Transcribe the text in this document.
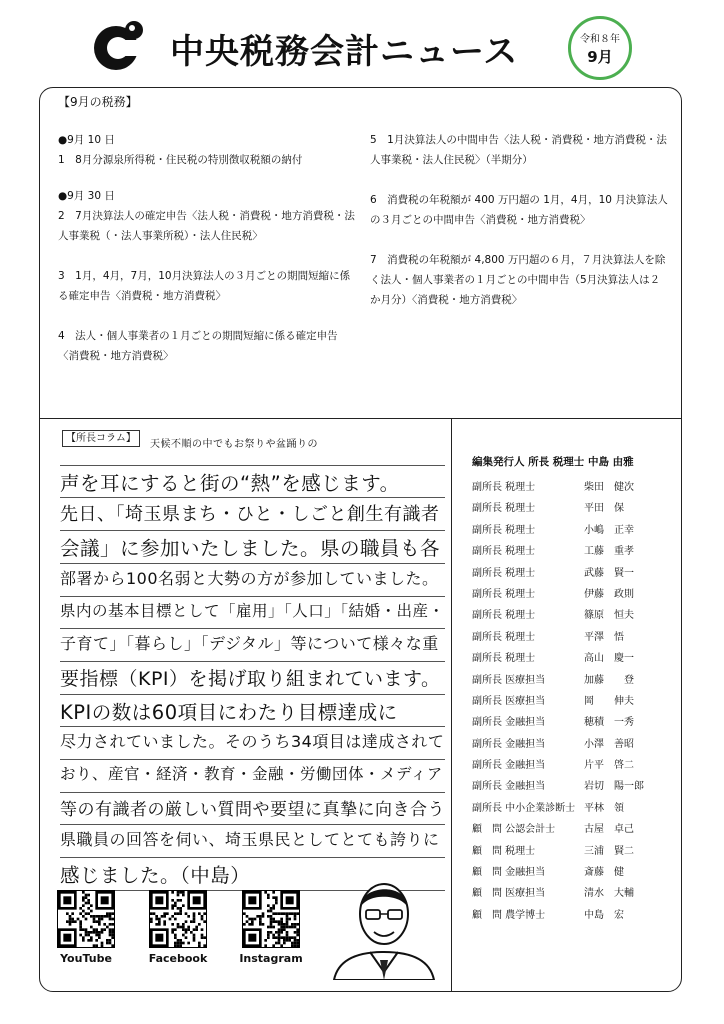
中央税務会計ニュース	令和８年
9月
【9月の税務】

●9月 10 日

1　8月分源泉所得税・住民税の特別徴収税額の納付

●9月 30 日

2　7月決算法人の確定申告〈法人税・消費税・地方消費税・法人事業税（・法人事業所税）・法人住民税〉

3　1月，4月，7月，10月決算法人の３月ごとの期間短縮に係る確定申告〈消費税・地方消費税〉

4　法人・個人事業者の１月ごとの期間短縮に係る確定申告〈消費税・地方消費税〉

5　1月決算法人の中間申告〈法人税・消費税・地方消費税・法人事業税・法人住民税〉（半期分）

6　消費税の年税額が 400 万円超の 1月，4月，10 月決算法人の３月ごとの中間申告〈消費税・地方消費税〉

7　消費税の年税額が 4,800 万円超の６月，７月決算法人を除く法人・個人事業者の１月ごとの中間申告（5月決算法人は２か月分）〈消費税・地方消費税〉

天候不順の中でもお祭りや盆踊りの
声を耳にすると街の“熱”を感じます。
先日、「埼玉県まち・ひと・しごと創生有識者
会議」に参加いたしました。県の職員も各
部署から100名弱と大勢の方が参加していました。
県内の基本目標として「雇用」「人口」「結婚・出産・
子育て」「暮らし」「デジタル」等について様々な重
要指標（KPI）を掲げ取り組まれています。
KPIの数は60項目にわたり目標達成に
尽力されていました。そのうち34項目は達成されて
おり、産官・経済・教育・金融・労働団体・メディア
等の有識者の厳しい質問や要望に真摯に向き合う
県職員の回答を伺い、埼玉県民としてとても誇りに
感じました。（中島）
【所長コラム】
YouTube	Facebook	Instagram
編集発行人 所長 税理士 中島 由雅
副所長 税理士	柴田　健次
副所長 税理士	平田　保
副所長 税理士	小嶋　正幸
副所長 税理士	工藤　重孝
副所長 税理士	武藤　賢一
副所長 税理士	伊藤　政則
副所長 税理士	篠原　恒夫
副所長 税理士	平澤　悟
副所長 税理士	高山　慶一
副所長 医療担当	加藤　　登
副所長 医療担当	岡　　伸夫
副所長 金融担当	穂積　一秀
副所長 金融担当	小澤　善昭
副所長 金融担当	片平　啓二
副所長 金融担当	岩切　陽一郎
副所長 中小企業診断士 平林　領
顧　問 公認会計士	古屋　卓己
顧　問 税理士	三浦　賢二
顧　問 金融担当	斎藤　健
顧　問 医療担当	清水　大輔
顧　問 農学博士	中島　宏
